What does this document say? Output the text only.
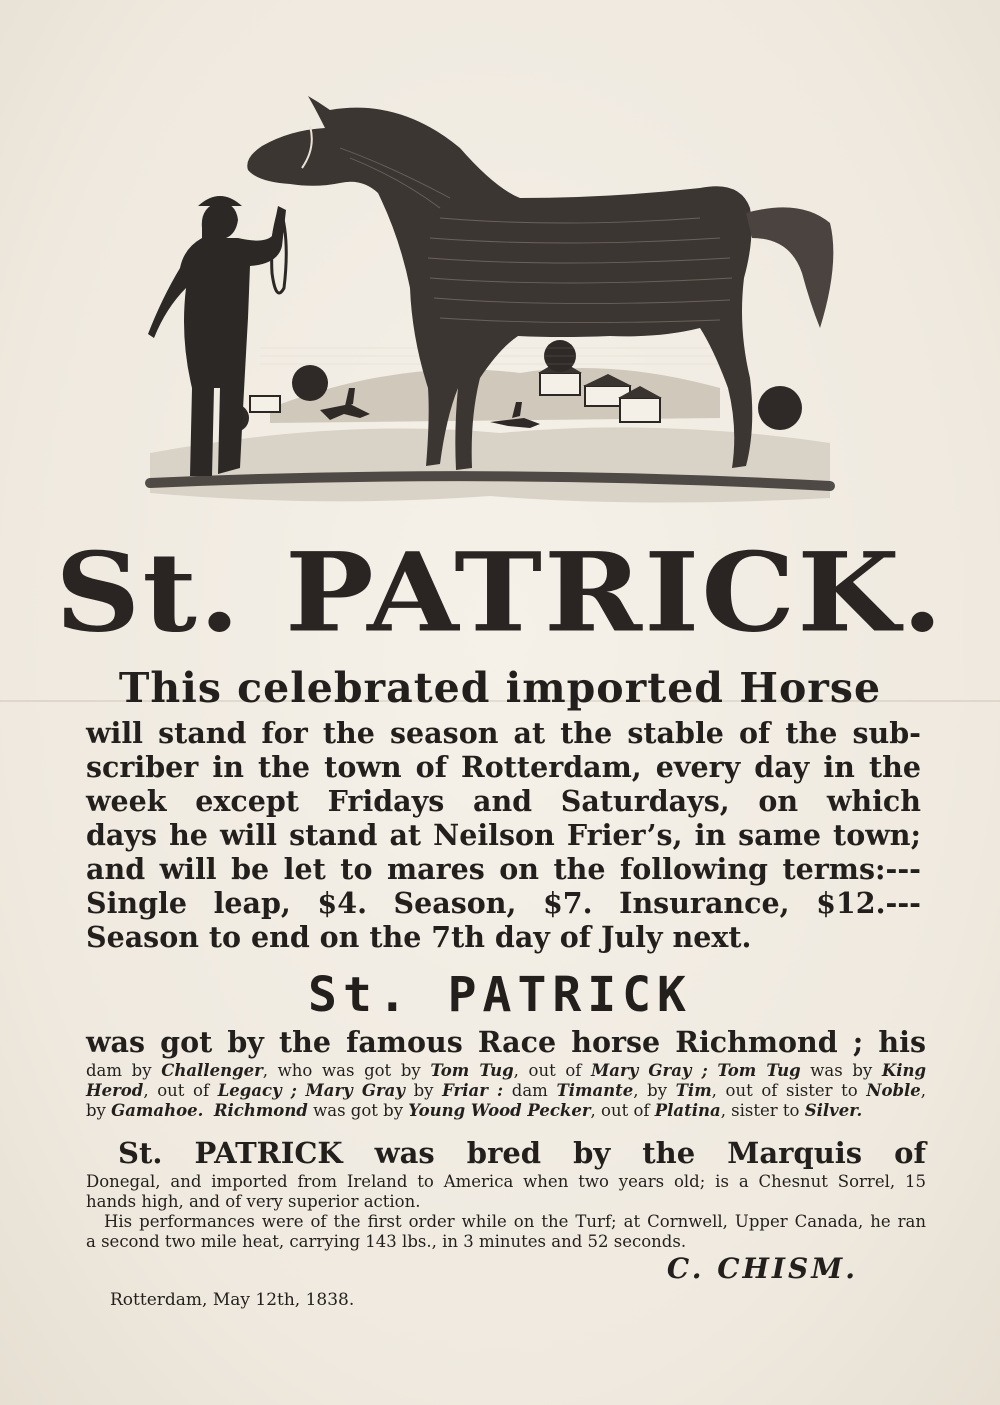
St. PATRICK.
This celebrated imported Horse
will stand for the season at the stable of the sub-
scriber in the town of Rotterdam, every day in the
week except Fridays and Saturdays, on which
days he will stand at Neilson Frier’s, in same town;
and will be let to mares on the following terms:---
Single leap, $4. Season, $7. Insurance, $12.---
Season to end on the 7th day of July next.
St. PATRICK
was got by the famous Race horse Richmond ; his
dam by Challenger, who was got by Tom Tug, out of Mary Gray ; Tom Tug was by King
Herod, out of Legacy ; Mary Gray by Friar : dam Timante, by Tim, out of sister to Noble,
by Gamahoe. Richmond was got by Young Wood Pecker, out of Platina, sister to Silver.
St. PATRICK was bred by the Marquis of
Donegal, and imported from Ireland to America when two years old; is a Chesnut Sorrel, 15
hands high, and of very superior action.
His performances were of the first order while on the Turf; at Cornwell, Upper Canada, he ran
a second two mile heat, carrying 143 lbs., in 3 minutes and 52 seconds.
C. CHISM.
Rotterdam, May 12th, 1838.
